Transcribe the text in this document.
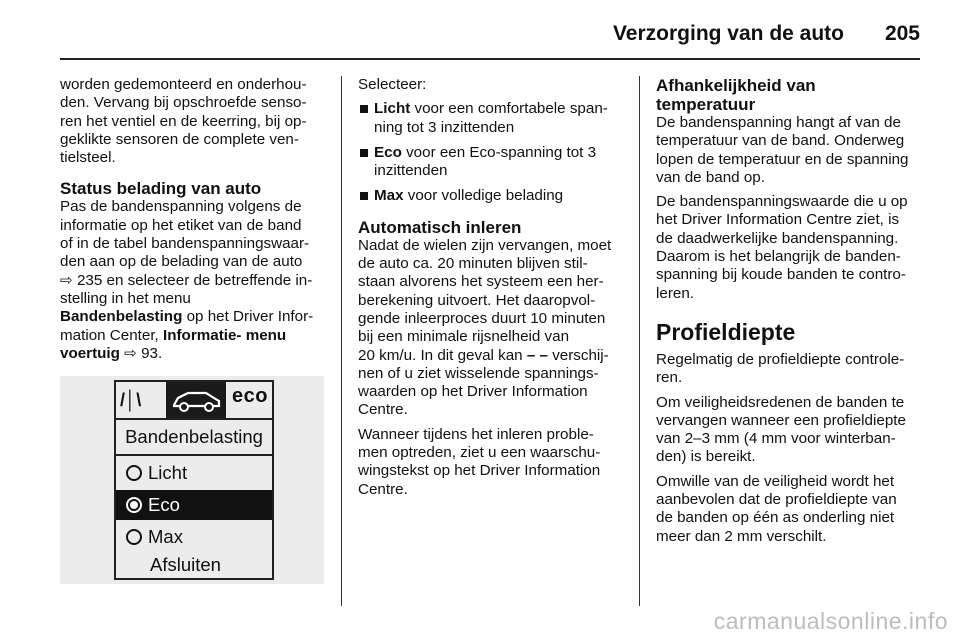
Verzorging van de auto 205

worden gedemonteerd en onderhou-
den. Vervang bij opschroefde senso-
ren het ventiel en de keerring, bij op-
geklikte sensoren de complete ven-
tielsteel.

Status belading van auto

Pas de bandenspanning volgens de
informatie op het etiket van de band
of in de tabel bandenspanningswaar-
den aan op de belading van de auto
⇨ 235 en selecteer de betreffende in-
stelling in het menu
Bandenbelasting op het Driver Infor-
mation Center, Informatie- menu
voertuig ⇨ 93.

/│\	eco
Bandenbelasting
Licht
Eco
Max
Afsluiten

Selecteer:

Licht voor een comfortabele span-
ning tot 3 inzittenden
Eco voor een Eco-spanning tot 3
inzittenden
Max voor volledige belading
Automatisch inleren

Nadat de wielen zijn vervangen, moet
de auto ca. 20 minuten blijven stil-
staan alvorens het systeem een her-
berekening uitvoert. Het daaropvol-
gende inleerproces duurt 10 minuten
bij een minimale rijsnelheid van
20 km/u. In dit geval kan – – verschij-
nen of u ziet wisselende spannings-
waarden op het Driver Information
Centre.

Wanneer tijdens het inleren proble-
men optreden, ziet u een waarschu-
wingstekst op het Driver Information
Centre.

Afhankelijkheid van
temperatuur

De bandenspanning hangt af van de
temperatuur van de band. Onderweg
lopen de temperatuur en de spanning
van de band op.

De bandenspanningswaarde die u op
het Driver Information Centre ziet, is
de daadwerkelijke bandenspanning.
Daarom is het belangrijk de banden-
spanning bij koude banden te contro-
leren.

Profieldiepte

Regelmatig de profieldiepte controle-
ren.

Om veiligheidsredenen de banden te
vervangen wanneer een profieldiepte
van 2–3 mm (4 mm voor winterban-
den) is bereikt.

Omwille van de veiligheid wordt het
aanbevolen dat de profieldiepte van
de banden op één as onderling niet
meer dan 2 mm verschilt.

carmanualsonline.info
